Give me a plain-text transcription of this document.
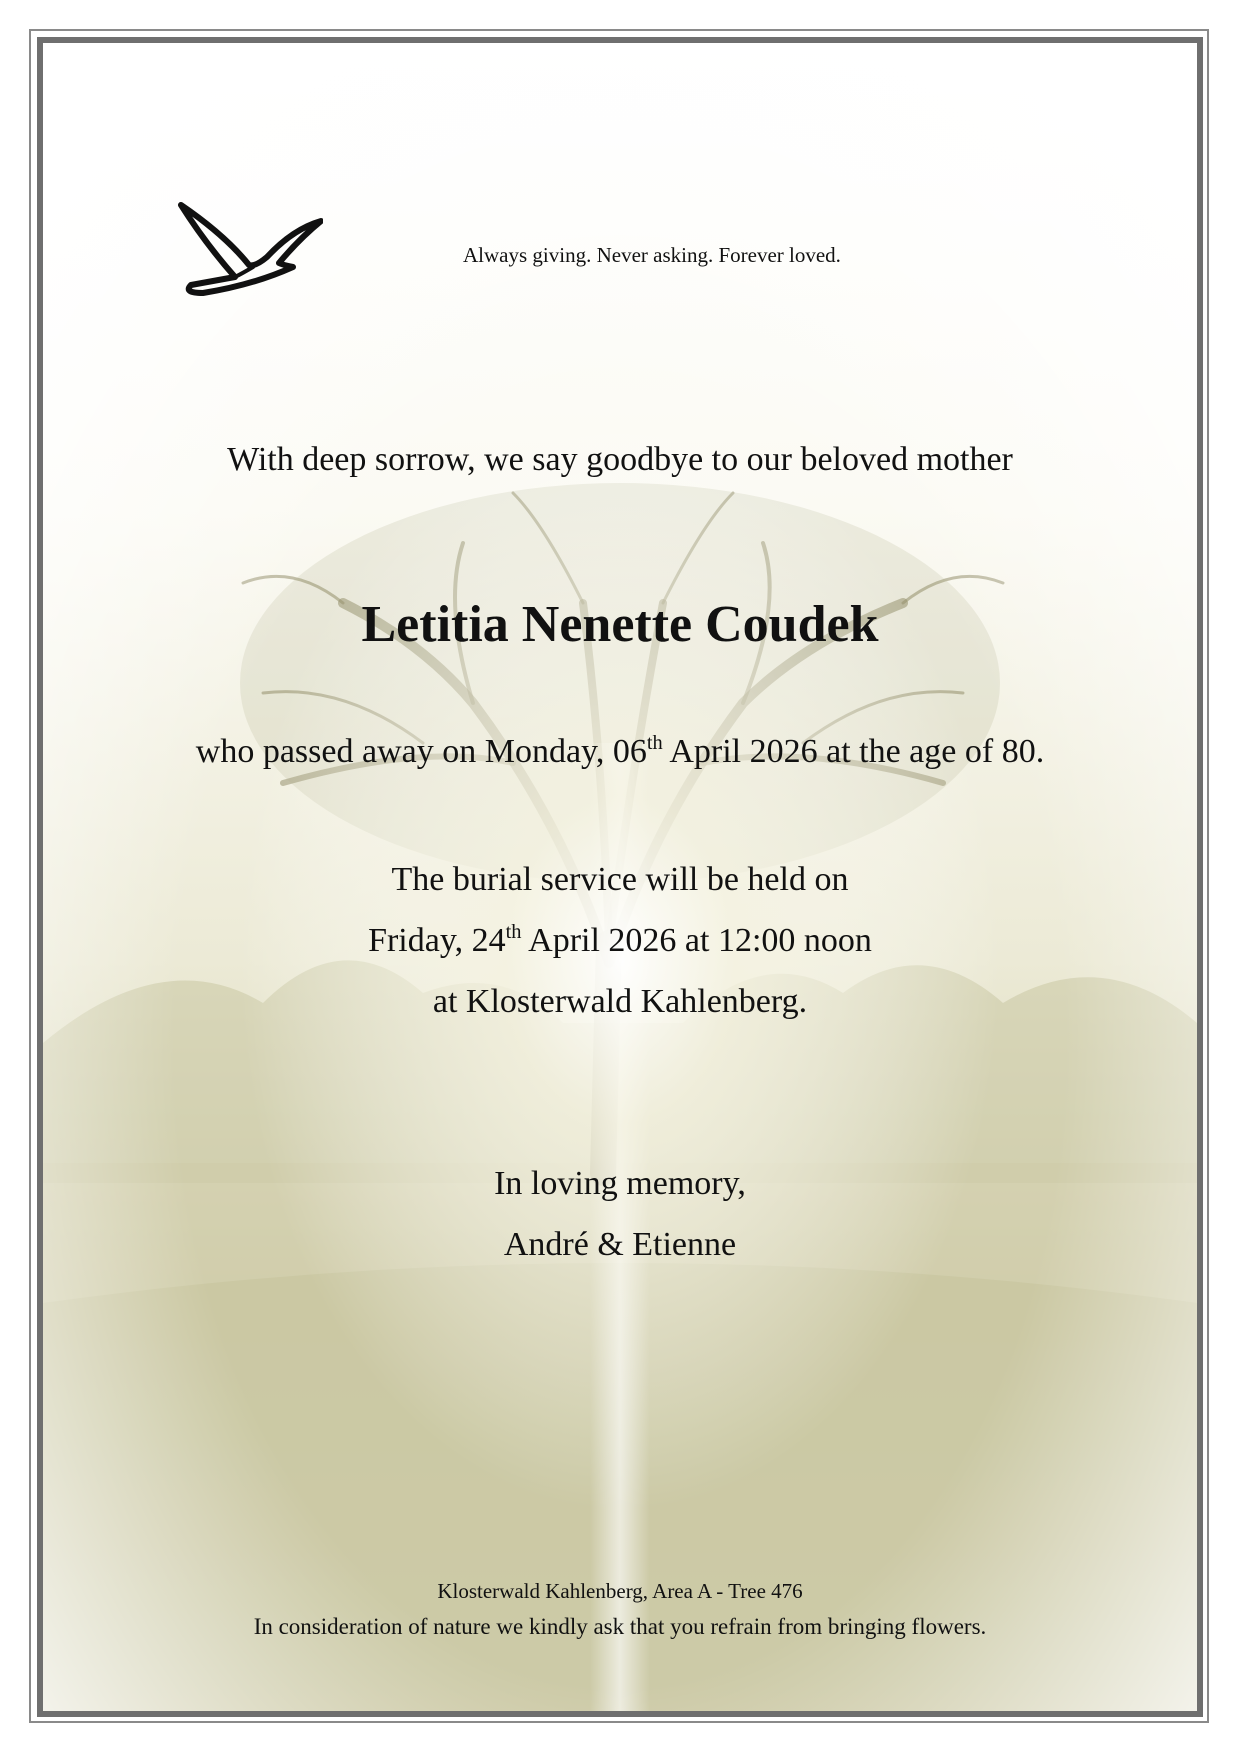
Always giving. Never asking. Forever loved.
With deep sorrow, we say goodbye to our beloved mother
Letitia Nenette Coudek
who passed away on Monday, 06th April 2026 at the age of 80.
The burial service will be held on
Friday, 24th April 2026 at 12:00 noon
at Klosterwald Kahlenberg.
In loving memory,
André & Etienne
Klosterwald Kahlenberg, Area A - Tree 476
In consideration of nature we kindly ask that you refrain from bringing flowers.
